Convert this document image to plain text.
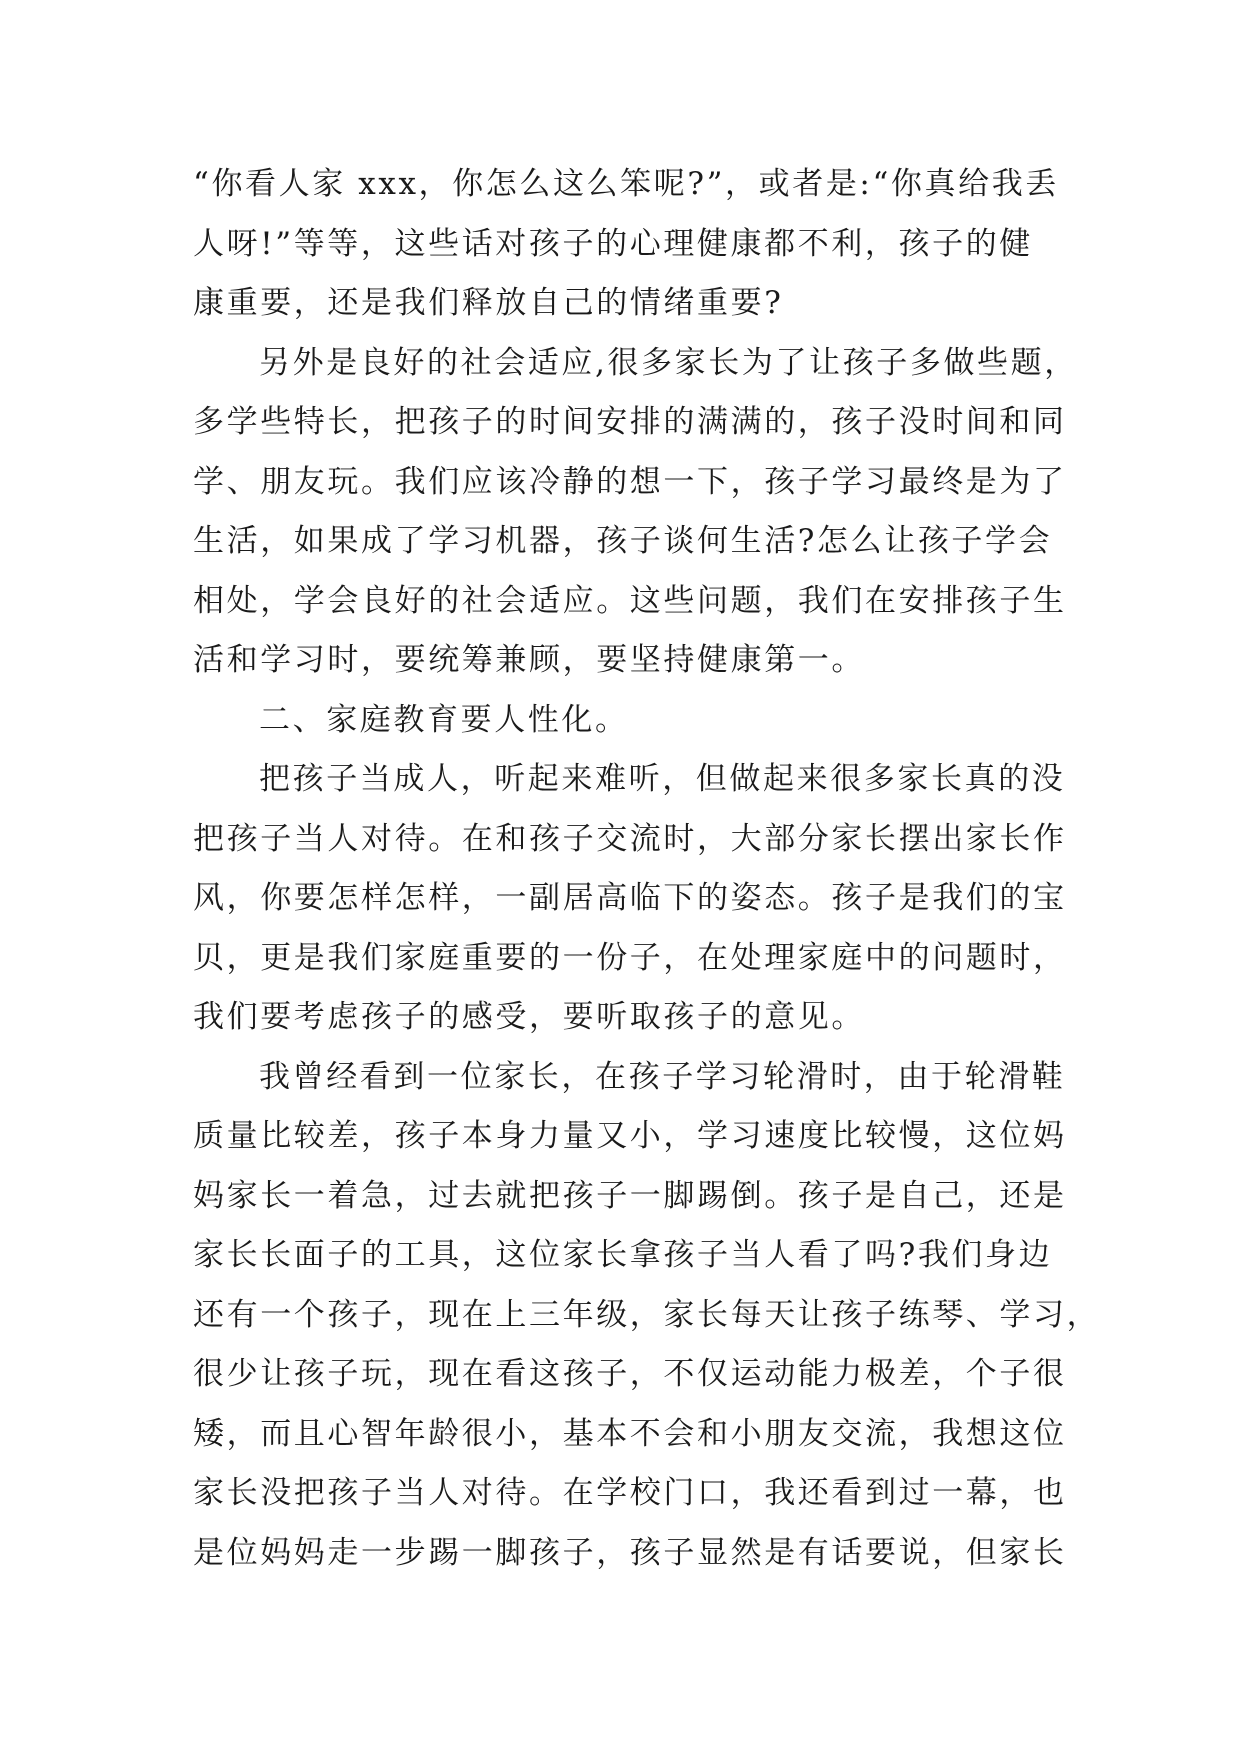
“你看人家 xxx，你怎么这么笨呢?”，或者是:“你真给我丢
人呀!”等等，这些话对孩子的心理健康都不利，孩子的健
康重要，还是我们释放自己的情绪重要?
另外是良好的社会适应,很多家长为了让孩子多做些题，
多学些特长，把孩子的时间安排的满满的，孩子没时间和同
学、朋友玩。我们应该冷静的想一下，孩子学习最终是为了
生活，如果成了学习机器，孩子谈何生活?怎么让孩子学会
相处，学会良好的社会适应。这些问题，我们在安排孩子生
活和学习时，要统筹兼顾，要坚持健康第一。
二、家庭教育要人性化。
把孩子当成人，听起来难听，但做起来很多家长真的没
把孩子当人对待。在和孩子交流时，大部分家长摆出家长作
风，你要怎样怎样，一副居高临下的姿态。孩子是我们的宝
贝，更是我们家庭重要的一份子，在处理家庭中的问题时，
我们要考虑孩子的感受，要听取孩子的意见。
我曾经看到一位家长，在孩子学习轮滑时，由于轮滑鞋
质量比较差，孩子本身力量又小，学习速度比较慢，这位妈
妈家长一着急，过去就把孩子一脚踢倒。孩子是自己，还是
家长长面子的工具，这位家长拿孩子当人看了吗?我们身边
还有一个孩子，现在上三年级，家长每天让孩子练琴、学习，
很少让孩子玩，现在看这孩子，不仅运动能力极差，个子很
矮，而且心智年龄很小，基本不会和小朋友交流，我想这位
家长没把孩子当人对待。在学校门口，我还看到过一幕，也
是位妈妈走一步踢一脚孩子，孩子显然是有话要说，但家长
